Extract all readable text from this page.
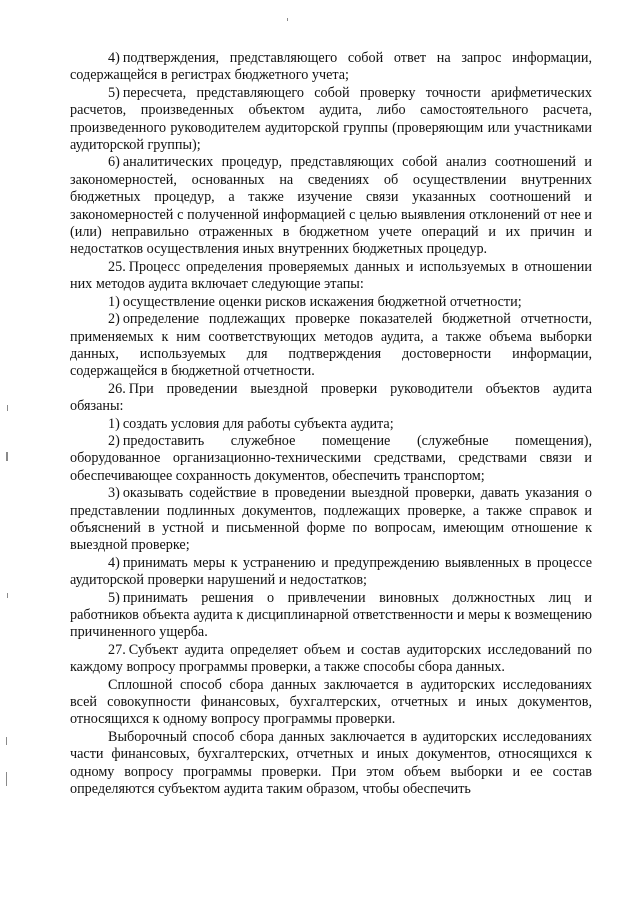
4) подтверждения, представляющего собой ответ на запрос информации, содержащейся в регистрах бюджетного учета;

5) пересчета, представляющего собой проверку точности арифметических расчетов, произведенных объектом аудита, либо самостоятельного расчета, произведенного руководителем аудиторской группы (проверяющим или участниками аудиторской группы);

6) аналитических процедур, представляющих собой анализ соотношений и закономерностей, основанных на сведениях об осуществлении внутренних бюджетных процедур, а также изучение связи указанных соотношений и закономерностей с полученной информацией с целью выявления отклонений от нее и (или) неправильно отраженных в бюджетном учете операций и их причин и недостатков осуществления иных внутренних бюджетных процедур.

25. Процесс определения проверяемых данных и используемых в отношении них методов аудита включает следующие этапы:

1) осуществление оценки рисков искажения бюджетной отчетности;

2) определение подлежащих проверке показателей бюджетной отчетности, применяемых к ним соответствующих методов аудита, а также объема выборки данных, используемых для подтверждения достоверности информации, содержащейся в бюджетной отчетности.

26. При проведении выездной проверки руководители объектов аудита обязаны:

1) создать условия для работы субъекта аудита;

2) предоставить служебное помещение (служебные помещения), оборудованное организационно-техническими средствами, средствами связи и обеспечивающее сохранность документов, обеспечить транспортом;

3) оказывать содействие в проведении выездной проверки, давать указания о представлении подлинных документов, подлежащих проверке, а также справок и объяснений в устной и письменной форме по вопросам, имеющим отношение к выездной проверке;

4) принимать меры к устранению и предупреждению выявленных в процессе аудиторской проверки нарушений и недостатков;

5) принимать решения о привлечении виновных должностных лиц и работников объекта аудита к дисциплинарной ответственности и меры к возмещению причиненного ущерба.

27. Субъект аудита определяет объем и состав аудиторских исследований по каждому вопросу программы проверки, а также способы сбора данных.

Сплошной способ сбора данных заключается в аудиторских исследованиях всей совокупности финансовых, бухгалтерских, отчетных и иных документов, относящихся к одному вопросу программы проверки.

Выборочный способ сбора данных заключается в аудиторских исследованиях части финансовых, бухгалтерских, отчетных и иных документов, относящихся к одному вопросу программы проверки. При этом объем выборки и ее состав определяются субъектом аудита таким образом, чтобы обеспечить
